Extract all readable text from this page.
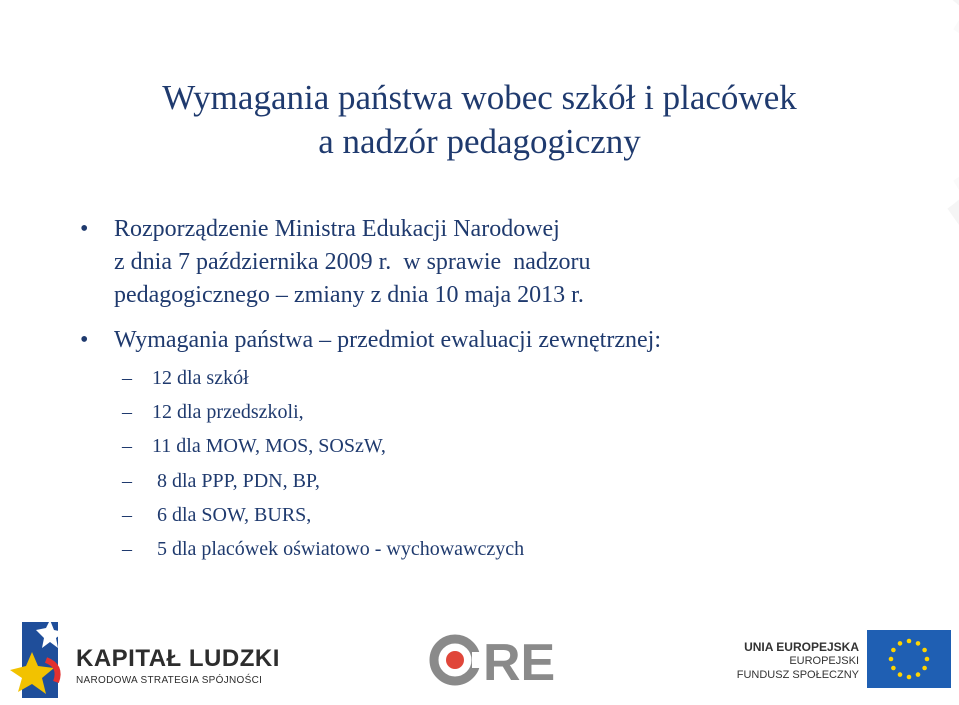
Wymagania państwa wobec szkół i placówek
a nadzór pedagogiczny
• Rozporządzenie Ministra Edukacji Narodowej
z dnia 7 października 2009 r.  w sprawie  nadzoru
pedagogicznego – zmiany z dnia 10 maja 2013 r.
• Wymagania państwa – przedmiot ewaluacji zewnętrznej:
– 12 dla szkół
– 12 dla przedszkoli,
– 11 dla MOW, MOS, SOSzW,
– 8 dla PPP, PDN, BP,
– 6 dla SOW, BURS,
– 5 dla placówek oświatowo - wychowawczych
KAPITAŁ LUDZKI
NARODOWA STRATEGIA SPÓJNOŚCI	RE	UNIA EUROPEJSKA
EUROPEJSKI
FUNDUSZ SPOŁECZNY
